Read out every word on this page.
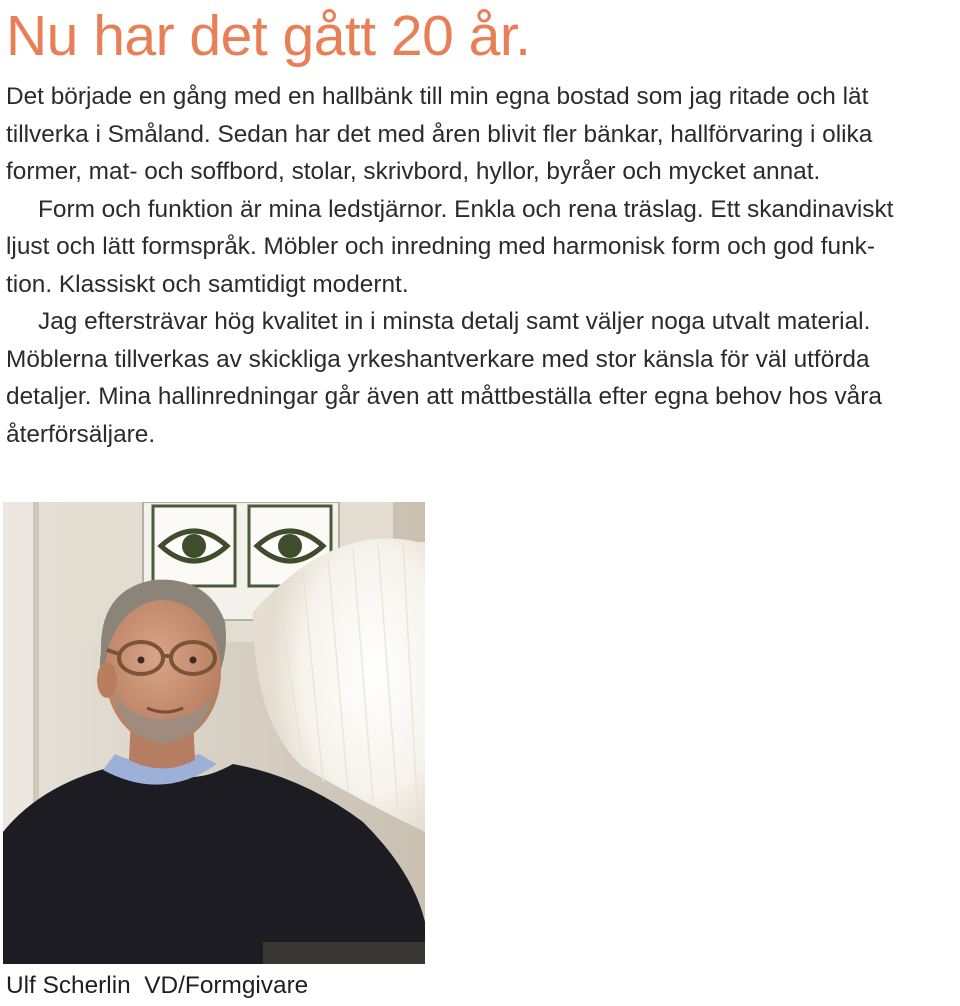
Nu har det gått 20 år.

Det började en gång med en hallbänk till min egna bostad som jag ritade och lät
tillverka i Småland. Sedan har det med åren blivit fler bänkar, hallförvaring i olika
former, mat- och soffbord, stolar, skrivbord, hyllor, byråer och mycket annat.

Form och funktion är mina ledstjärnor. Enkla och rena träslag. Ett skandinaviskt
ljust och lätt formspråk. Möbler och inredning med harmonisk form och god funk-
tion. Klassiskt och samtidigt modernt.

Jag eftersträvar hög kvalitet in i minsta detalj samt väljer noga utvalt material.
Möblerna tillverkas av skickliga yrkeshantverkare med stor känsla för väl utförda
detaljer. Mina hallinredningar går även att måttbeställa efter egna behov hos våra
återförsäljare.

Ulf Scherlin  VD/Formgivare
